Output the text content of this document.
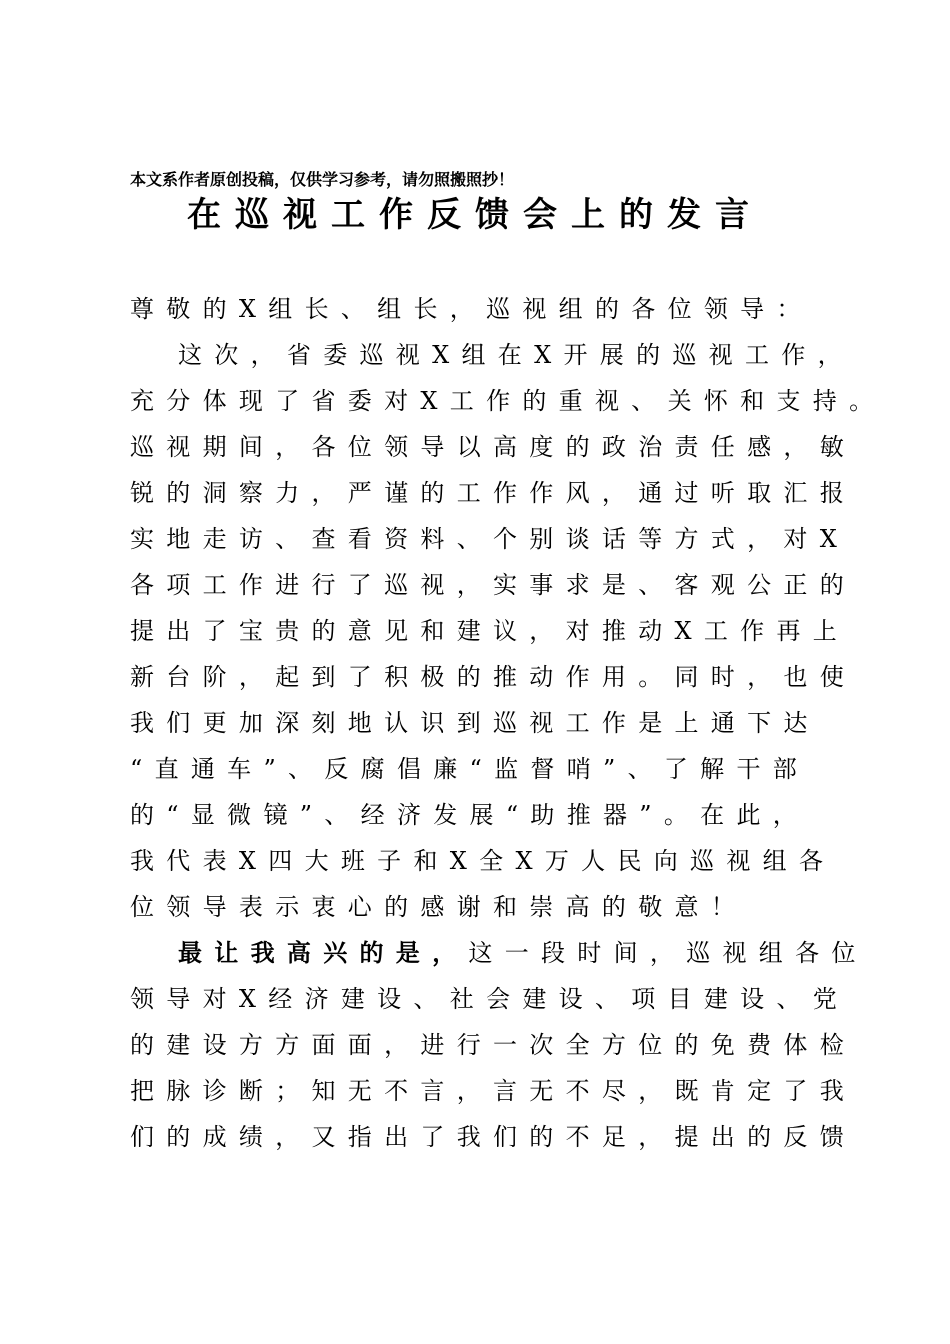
本文系作者原创投稿，仅供学习参考，请勿照搬照抄！
在巡视工作反馈会上的发言
尊敬的X组长、组长，巡视组的各位领导：
这次，省委巡视X组在X开展的巡视工作，
充分体现了省委对X工作的重视、关怀和支持。
巡视期间，各位领导以高度的政治责任感，敏
锐的洞察力，严谨的工作作风，通过听取汇报
实地走访、查看资料、个别谈话等方式，对X
各项工作进行了巡视，实事求是、客观公正的
提出了宝贵的意见和建议，对推动X工作再上
新台阶，起到了积极的推动作用。同时，也使
我们更加深刻地认识到巡视工作是上通下达
“直通车”、反腐倡廉“监督哨”、了解干部
的“显微镜”、经济发展“助推器”。在此，
我代表X四大班子和X全X万人民向巡视组各
位领导表示衷心的感谢和崇高的敬意！
最让我高兴的是，这一段时间，巡视组各位
领导对X经济建设、社会建设、项目建设、党
的建设方方面面，进行一次全方位的免费体检
把脉诊断；知无不言，言无不尽，既肯定了我
们的成绩，又指出了我们的不足，提出的反馈
